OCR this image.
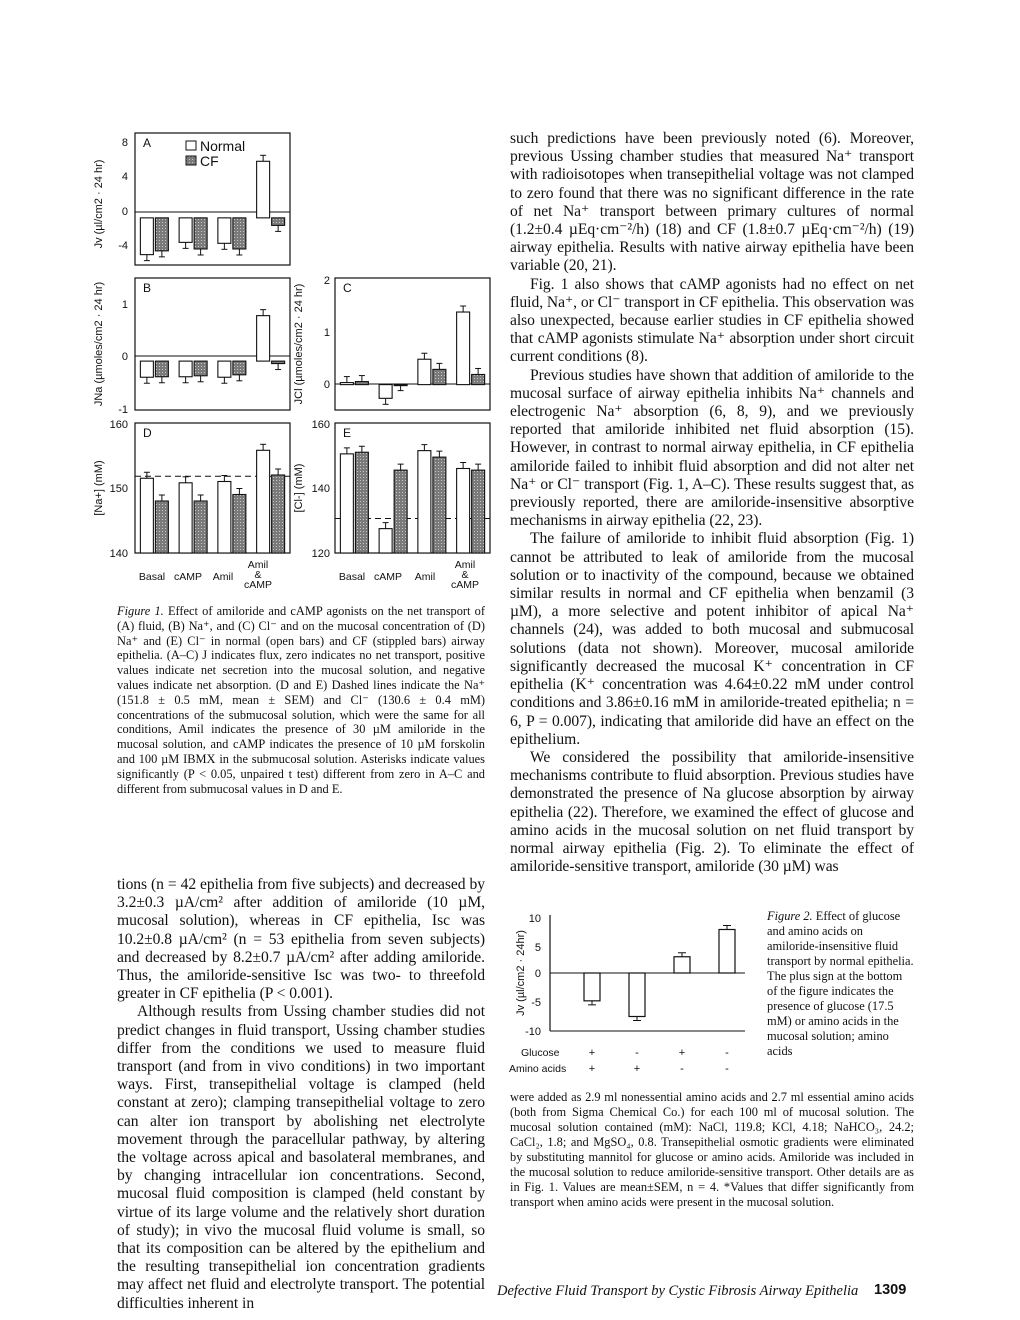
A
Jv (µl/cm2 · 24 hr)
8
4
0
-4
Normal
CF
B
JNa (µmoles/cm2 · 24 hr) 1
0
-1
C
JCl (µmoles/cm2 · 24 hr)
2
1
0
D
[Na+] (mM)
160
150
140
E
[Cl-] (mM)
160
140
120
Basal cAMP Amil
Amil
&
cAMP
Basal cAMP Amil
Amil
&
cAMP
Figure 1. Effect of amiloride and cAMP agonists on the net transport of (A) fluid, (B) Na⁺, and (C) Cl⁻ and on the mucosal concentration of (D) Na⁺ and (E) Cl⁻ in normal (open bars) and CF (stippled bars) airway epithelia. (A–C) J indicates flux, zero indicates no net transport, positive values indicate net secretion into the mucosal solution, and negative values indicate net absorption. (D and E) Dashed lines indicate the Na⁺ (151.8 ± 0.5 mM, mean ± SEM) and Cl⁻ (130.6 ± 0.4 mM) concentrations of the submucosal solution, which were the same for all conditions, Amil indicates the presence of 30 µM amiloride in the mucosal solution, and cAMP indicates the presence of 10 µM forskolin and 100 µM IBMX in the submucosal solution. Asterisks indicate values significantly (P < 0.05, unpaired t test) different from zero in A–C and different from submucosal values in D and E.

tions (n = 42 epithelia from five subjects) and decreased by 3.2±0.3 µA/cm² after addition of amiloride (10 µM, mucosal solution), whereas in CF epithelia, Isc was 10.2±0.8 µA/cm² (n = 53 epithelia from seven subjects) and decreased by 8.2±0.7 µA/cm² after adding amiloride. Thus, the amiloride-sensitive Isc was two- to threefold greater in CF epithelia (P < 0.001).

Although results from Ussing chamber studies did not predict changes in fluid transport, Ussing chamber studies differ from the conditions we used to measure fluid transport (and from in vivo conditions) in two important ways. First, transepithelial voltage is clamped (held constant at zero); clamping transepithelial voltage to zero can alter ion transport by abolishing net electrolyte movement through the paracellular pathway, by altering the voltage across apical and basolateral membranes, and by changing intracellular ion concentrations. Second, mucosal fluid composition is clamped (held constant by virtue of its large volume and the relatively short duration of study); in vivo the mucosal fluid volume is small, so that its composition can be altered by the epithelium and the resulting transepithelial ion concentration gradients may affect net fluid and electrolyte transport. The potential difficulties inherent in

such predictions have been previously noted (6). Moreover, previous Ussing chamber studies that measured Na⁺ transport with radioisotopes when transepithelial voltage was not clamped to zero found that there was no significant difference in the rate of net Na⁺ transport between primary cultures of normal (1.2±0.4 µEq·cm⁻²/h) (18) and CF (1.8±0.7 µEq·cm⁻²/h) (19) airway epithelia. Results with native airway epithelia have been variable (20, 21).

Fig. 1 also shows that cAMP agonists had no effect on net fluid, Na⁺, or Cl⁻ transport in CF epithelia. This observation was also unexpected, because earlier studies in CF epithelia showed that cAMP agonists stimulate Na⁺ absorption under short circuit current conditions (8).

Previous studies have shown that addition of amiloride to the mucosal surface of airway epithelia inhibits Na⁺ channels and electrogenic Na⁺ absorption (6, 8, 9), and we previously reported that amiloride inhibited net fluid absorption (15). However, in contrast to normal airway epithelia, in CF epithelia amiloride failed to inhibit fluid absorption and did not alter net Na⁺ or Cl⁻ transport (Fig. 1, A–C). These results suggest that, as previously reported, there are amiloride-insensitive absorptive mechanisms in airway epithelia (22, 23).

The failure of amiloride to inhibit fluid absorption (Fig. 1) cannot be attributed to leak of amiloride from the mucosal solution or to inactivity of the compound, because we obtained similar results in normal and CF epithelia when benzamil (3 µM), a more selective and potent inhibitor of apical Na⁺ channels (24), was added to both mucosal and submucosal solutions (data not shown). Moreover, mucosal amiloride significantly decreased the mucosal K⁺ concentration in CF epithelia (K⁺ concentration was 4.64±0.22 mM under control conditions and 3.86±0.16 mM in amiloride-treated epithelia; n = 6, P = 0.007), indicating that amiloride did have an effect on the epithelium.

We considered the possibility that amiloride-insensitive mechanisms contribute to fluid absorption. Previous studies have demonstrated the presence of Na glucose absorption by airway epithelia (22). Therefore, we examined the effect of glucose and amino acids in the mucosal solution on net fluid transport by normal airway epithelia (Fig. 2). To eliminate the effect of amiloride-sensitive transport, amiloride (30 µM) was

10
5
0
-5
-10
Jv (µl/cm2 · 24hr)
Glucose
Amino acids
+	-	+	-
+	+	-	-
Figure 2. Effect of glucose and amino acids on amiloride-insensitive fluid transport by normal epithelia. The plus sign at the bottom of the figure indicates the presence of glucose (17.5 mM) or amino acids in the mucosal solution; amino acids
were added as 2.9 ml nonessential amino acids and 2.7 ml essential amino acids (both from Sigma Chemical Co.) for each 100 ml of mucosal solution. The mucosal solution contained (mM): NaCl, 119.8; KCl, 4.18; NaHCO₃, 24.2; CaCl₂, 1.8; and MgSO₄, 0.8. Transepithelial osmotic gradients were eliminated by substituting mannitol for glucose or amino acids. Amiloride was included in the mucosal solution to reduce amiloride-sensitive transport. Other details are as in Fig. 1. Values are mean±SEM, n = 4. *Values that differ significantly from transport when amino acids were present in the mucosal solution.
Defective Fluid Transport by Cystic Fibrosis Airway Epithelia 1309
